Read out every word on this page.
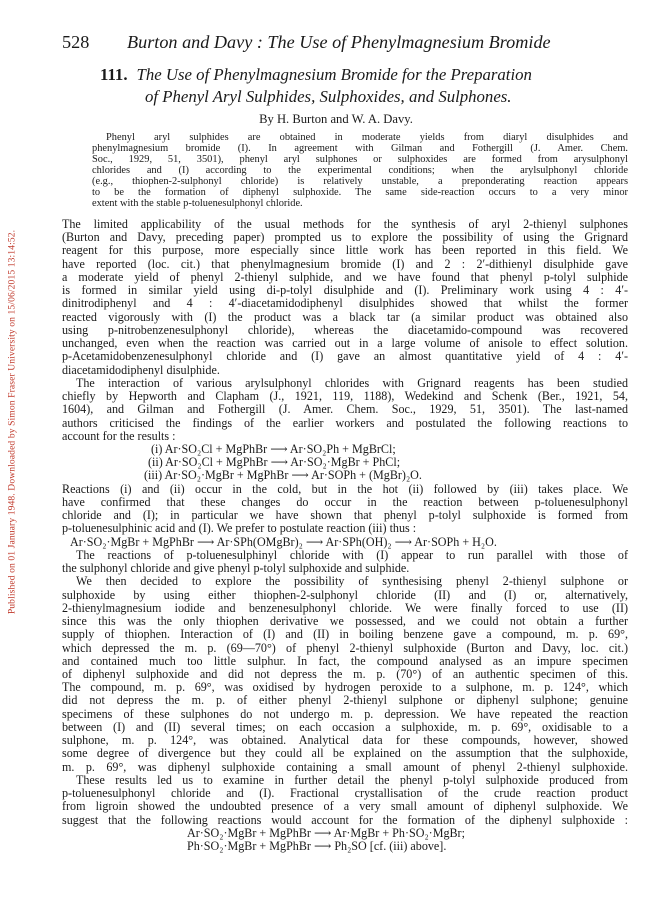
Published on 01 January 1948. Downloaded by Simon Fraser University on 15/06/2015 13:14:52.
528 Burton and Davy : The Use of Phenylmagnesium Bromide
111. The Use of Phenylmagnesium Bromide for the Preparation
of Phenyl Aryl Sulphides, Sulphoxides, and Sulphones.
By H. Burton and W. A. Davy.
Phenyl aryl sulphides are obtained in moderate yields from diaryl disulphides and
phenylmagnesium bromide (I). In agreement with Gilman and Fothergill (J. Amer. Chem.
Soc., 1929, 51, 3501), phenyl aryl sulphones or sulphoxides are formed from arysulphonyl
chlorides and (I) according to the experimental conditions; when the arylsulphonyl chloride
(e.g., thiophen-2-sulphonyl chloride) is relatively unstable, a preponderating reaction appears
to be the formation of diphenyl sulphoxide. The same side-reaction occurs to a very minor
extent with the stable p-toluenesulphonyl chloride.
The limited applicability of the usual methods for the synthesis of aryl 2-thienyl sulphones
(Burton and Davy, preceding paper) prompted us to explore the possibility of using the Grignard
reagent for this purpose, more especially since little work has been reported in this field. We
have reported (loc. cit.) that phenylmagnesium bromide (I) and 2 : 2′-dithienyl disulphide gave
a moderate yield of phenyl 2-thienyl sulphide, and we have found that phenyl p-tolyl sulphide
is formed in similar yield using di-p-tolyl disulphide and (I). Preliminary work using 4 : 4′-
dinitrodiphenyl and 4 : 4′-diacetamidodiphenyl disulphides showed that whilst the former
reacted vigorously with (I) the product was a black tar (a similar product was obtained also
using p-nitrobenzenesulphonyl chloride), whereas the diacetamido-compound was recovered
unchanged, even when the reaction was carried out in a large volume of anisole to effect solution.
p-Acetamidobenzenesulphonyl chloride and (I) gave an almost quantitative yield of 4 : 4′-
diacetamidodiphenyl disulphide.
The interaction of various arylsulphonyl chlorides with Grignard reagents has been studied
chiefly by Hepworth and Clapham (J., 1921, 119, 1188), Wedekind and Schenk (Ber., 1921, 54,
1604), and Gilman and Fothergill (J. Amer. Chem. Soc., 1929, 51, 3501). The last-named
authors criticised the findings of the earlier workers and postulated the following reactions to
account for the results :
(i) Ar·SO₂Cl + MgPhBr ⟶ Ar·SO₂Ph + MgBrCl;
(ii) Ar·SO₂Cl + MgPhBr ⟶ Ar·SO₂·MgBr + PhCl;
(iii) Ar·SO₂·MgBr + MgPhBr ⟶ Ar·SOPh + (MgBr)₂O.
Reactions (i) and (ii) occur in the cold, but in the hot (ii) followed by (iii) takes place. We
have confirmed that these changes do occur in the reaction between p-toluenesulphonyl
chloride and (I); in particular we have shown that phenyl p-tolyl sulphoxide is formed from
p-toluenesulphinic acid and (I). We prefer to postulate reaction (iii) thus :
Ar·SO₂·MgBr + MgPhBr ⟶ Ar·SPh(OMgBr)₂ ⟶ Ar·SPh(OH)₂ ⟶ Ar·SOPh + H₂O.
The reactions of p-toluenesulphinyl chloride with (I) appear to run parallel with those of
the sulphonyl chloride and give phenyl p-tolyl sulphoxide and sulphide.
We then decided to explore the possibility of synthesising phenyl 2-thienyl sulphone or
sulphoxide by using either thiophen-2-sulphonyl chloride (II) and (I) or, alternatively,
2-thienylmagnesium iodide and benzenesulphonyl chloride. We were finally forced to use (II)
since this was the only thiophen derivative we possessed, and we could not obtain a further
supply of thiophen. Interaction of (I) and (II) in boiling benzene gave a compound, m. p. 69°,
which depressed the m. p. (69—70°) of phenyl 2-thienyl sulphoxide (Burton and Davy, loc. cit.)
and contained much too little sulphur. In fact, the compound analysed as an impure specimen
of diphenyl sulphoxide and did not depress the m. p. (70°) of an authentic specimen of this.
The compound, m. p. 69°, was oxidised by hydrogen peroxide to a sulphone, m. p. 124°, which
did not depress the m. p. of either phenyl 2-thienyl sulphone or diphenyl sulphone; genuine
specimens of these sulphones do not undergo m. p. depression. We have repeated the reaction
between (I) and (II) several times; on each occasion a sulphoxide, m. p. 69°, oxidisable to a
sulphone, m. p. 124°, was obtained. Analytical data for these compounds, however, showed
some degree of divergence but they could all be explained on the assumption that the sulphoxide,
m. p. 69°, was diphenyl sulphoxide containing a small amount of phenyl 2-thienyl sulphoxide.
These results led us to examine in further detail the phenyl p-tolyl sulphoxide produced from
p-toluenesulphonyl chloride and (I). Fractional crystallisation of the crude reaction product
from ligroin showed the undoubted presence of a very small amount of diphenyl sulphoxide. We
suggest that the following reactions would account for the formation of the diphenyl sulphoxide :
Ar·SO₂·MgBr + MgPhBr ⟶ Ar·MgBr + Ph·SO₂·MgBr;
Ph·SO₂·MgBr + MgPhBr ⟶ Ph₂SO [cf. (iii) above].
